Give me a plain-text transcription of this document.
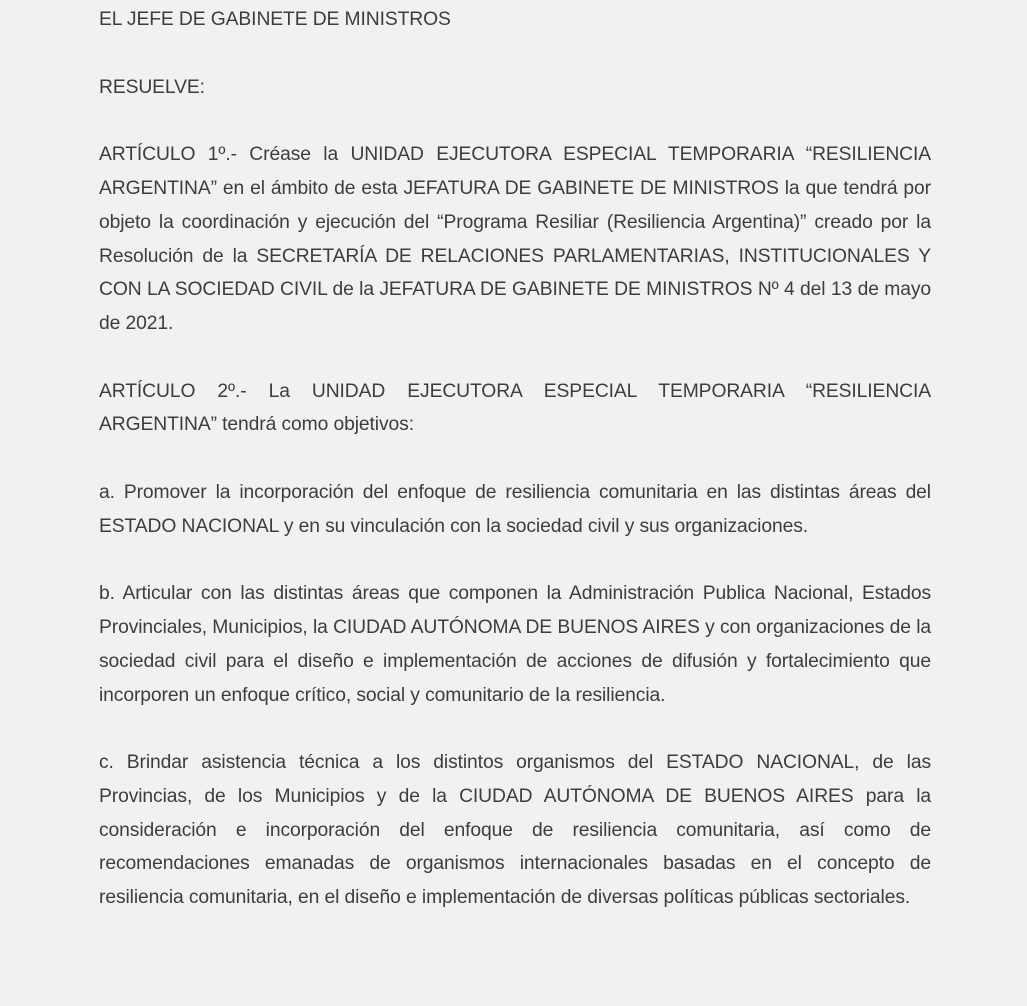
EL JEFE DE GABINETE DE MINISTROS

RESUELVE:

ARTÍCULO 1º.- Créase la UNIDAD EJECUTORA ESPECIAL TEMPORARIA “RESILIENCIA ARGENTINA” en el ámbito de esta JEFATURA DE GABINETE DE MINISTROS la que tendrá por objeto la coordinación y ejecución del “Programa Resiliar (Resiliencia Argentina)” creado por la Resolución de la SECRETARÍA DE RELACIONES PARLAMENTARIAS, INSTITUCIONALES Y CON LA SOCIEDAD CIVIL de la JEFATURA DE GABINETE DE MINISTROS Nº 4 del 13 de mayo de 2021.

ARTÍCULO 2º.- La UNIDAD EJECUTORA ESPECIAL TEMPORARIA “RESILIENCIA ARGENTINA” tendrá como objetivos:

a. Promover la incorporación del enfoque de resiliencia comunitaria en las distintas áreas del ESTADO NACIONAL y en su vinculación con la sociedad civil y sus organizaciones.

b. Articular con las distintas áreas que componen la Administración Publica Nacional, Estados Provinciales, Municipios, la CIUDAD AUTÓNOMA DE BUENOS AIRES y con organizaciones de la sociedad civil para el diseño e implementación de acciones de difusión y fortalecimiento que incorporen un enfoque crítico, social y comunitario de la resiliencia.

c. Brindar asistencia técnica a los distintos organismos del ESTADO NACIONAL, de las Provincias, de los Municipios y de la CIUDAD AUTÓNOMA DE BUENOS AIRES para la consideración e incorporación del enfoque de resiliencia comunitaria, así como de recomendaciones emanadas de organismos internacionales basadas en el concepto de resiliencia comunitaria, en el diseño e implementación de diversas políticas públicas sectoriales.
